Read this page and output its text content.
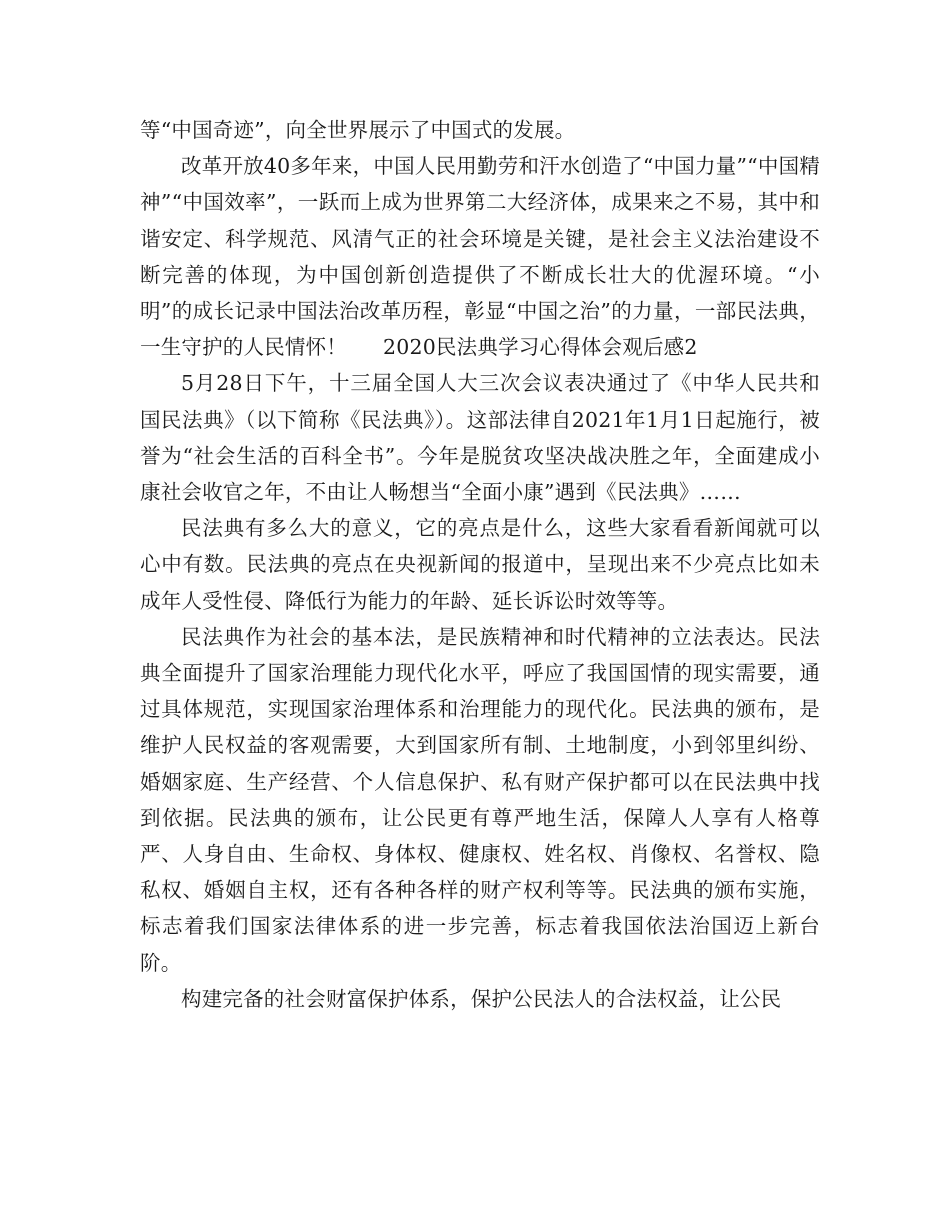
等“中国奇迹”，向全世界展示了中国式的发展。

改革开放40多年来，中国人民用勤劳和汗水创造了“中国力量”“中国精神”“中国效率”，一跃而上成为世界第二大经济体，成果来之不易，其中和谐安定、科学规范、风清气正的社会环境是关键，是社会主义法治建设不断完善的体现，为中国创新创造提供了不断成长壮大的优渥环境。“小明”的成长记录中国法治改革历程，彰显“中国之治”的力量，一部民法典，一生守护的人民情怀！ 2020民法典学习心得体会观后感2

5月28日下午，十三届全国人大三次会议表决通过了《中华人民共和国民法典》（以下简称《民法典》）。这部法律自2021年1月1日起施行，被誉为“社会生活的百科全书”。今年是脱贫攻坚决战决胜之年，全面建成小康社会收官之年，不由让人畅想当“全面小康”遇到《民法典》……

民法典有多么大的意义，它的亮点是什么，这些大家看看新闻就可以心中有数。民法典的亮点在央视新闻的报道中，呈现出来不少亮点比如未成年人受性侵、降低行为能力的年龄、延长诉讼时效等等。

民法典作为社会的基本法，是民族精神和时代精神的立法表达。民法典全面提升了国家治理能力现代化水平，呼应了我国国情的现实需要，通过具体规范，实现国家治理体系和治理能力的现代化。民法典的颁布，是维护人民权益的客观需要，大到国家所有制、土地制度，小到邻里纠纷、婚姻家庭、生产经营、个人信息保护、私有财产保护都可以在民法典中找到依据。民法典的颁布，让公民更有尊严地生活，保障人人享有人格尊严、人身自由、生命权、身体权、健康权、姓名权、肖像权、名誉权、隐私权、婚姻自主权，还有各种各样的财产权利等等。民法典的颁布实施，标志着我们国家法律体系的进一步完善，标志着我国依法治国迈上新台阶。

构建完备的社会财富保护体系，保护公民法人的合法权益，让公民
